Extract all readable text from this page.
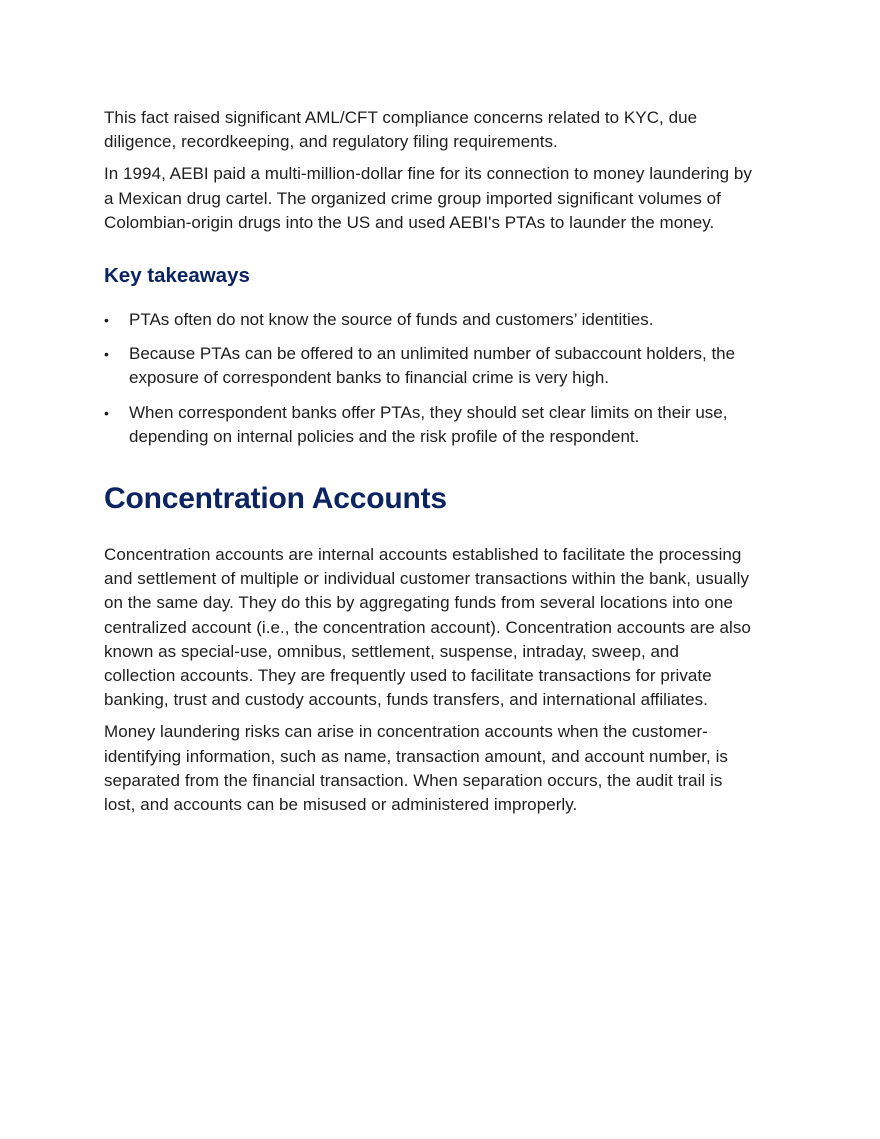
This fact raised significant AML/CFT compliance concerns related to KYC, due diligence, recordkeeping, and regulatory filing requirements.

In 1994, AEBI paid a multi-million-dollar fine for its connection to money laundering by a Mexican drug cartel. The organized crime group imported significant volumes of Colombian-origin drugs into the US and used AEBI's PTAs to launder the money.

Key takeaways
•	PTAs often do not know the source of funds and customers’ identities.
•	Because PTAs can be offered to an unlimited number of subaccount holders, the exposure of correspondent banks to financial crime is very high.
•	When correspondent banks offer PTAs, they should set clear limits on their use, depending on internal policies and the risk profile of the respondent.
Concentration Accounts

Concentration accounts are internal accounts established to facilitate the processing and settlement of multiple or individual customer transactions within the bank, usually on the same day. They do this by aggregating funds from several locations into one centralized account (i.e., the concentration account). Concentration accounts are also known as special-use, omnibus, settlement, suspense, intraday, sweep, and collection accounts. They are frequently used to facilitate transactions for private banking, trust and custody accounts, funds transfers, and international affiliates.

Money laundering risks can arise in concentration accounts when the customer-identifying information, such as name, transaction amount, and account number, is separated from the financial transaction. When separation occurs, the audit trail is lost, and accounts can be misused or administered improperly.
